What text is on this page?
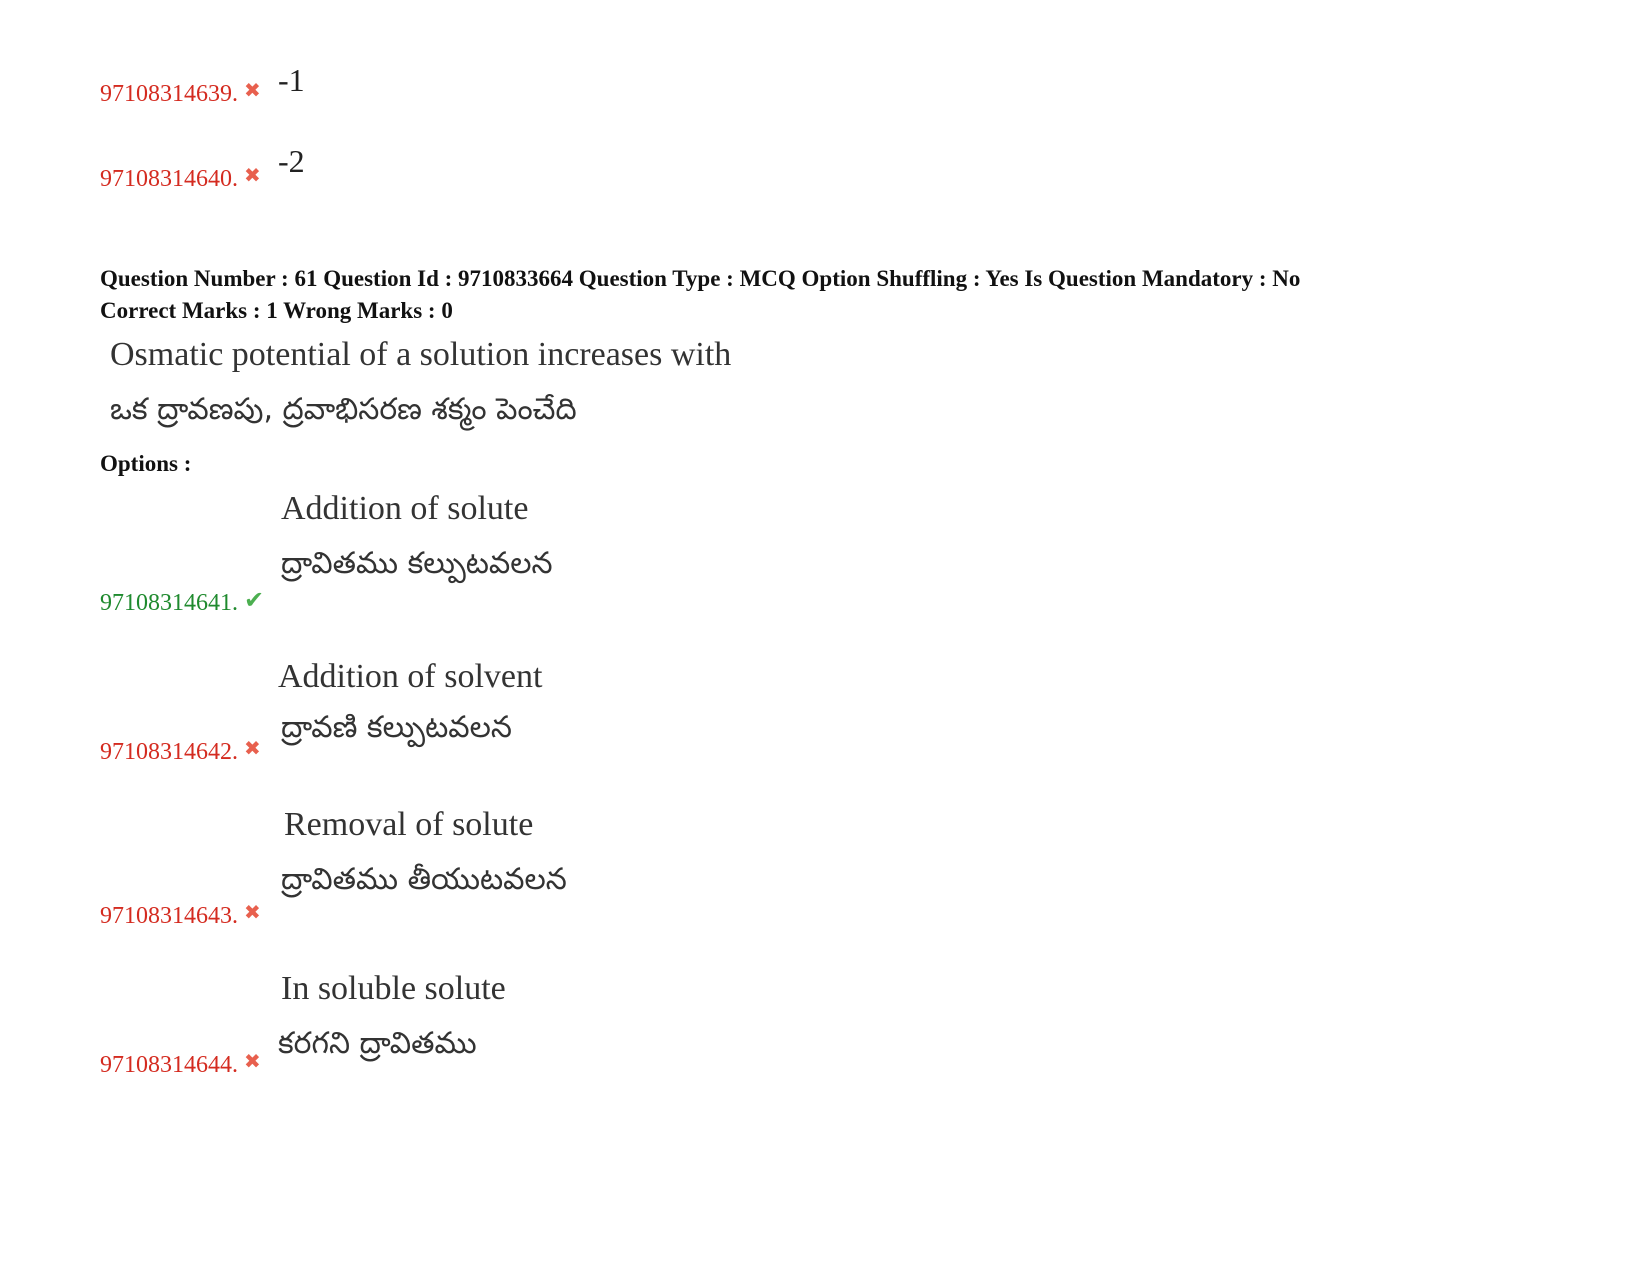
97108314639. ✖ -1
97108314640. ✖ -2
Question Number : 61 Question Id : 9710833664 Question Type : MCQ Option Shuffling : Yes Is Question Mandatory : No
Correct Marks : 1 Wrong Marks : 0
Osmatic potential of a solution increases with
ఒక ద్రావణపు, ద్రవాభిసరణ శక్మం పెంచేది
Options :
Addition of solute
ద్రావితము కల్పుటవలన
97108314641. ✔
Addition of solvent
ద్రావణి కల్పుటవలన
97108314642. ✖
Removal of solute
ద్రావితము తీయుటవలన
97108314643. ✖
In soluble solute
కరగని ద్రావితము
97108314644. ✖
